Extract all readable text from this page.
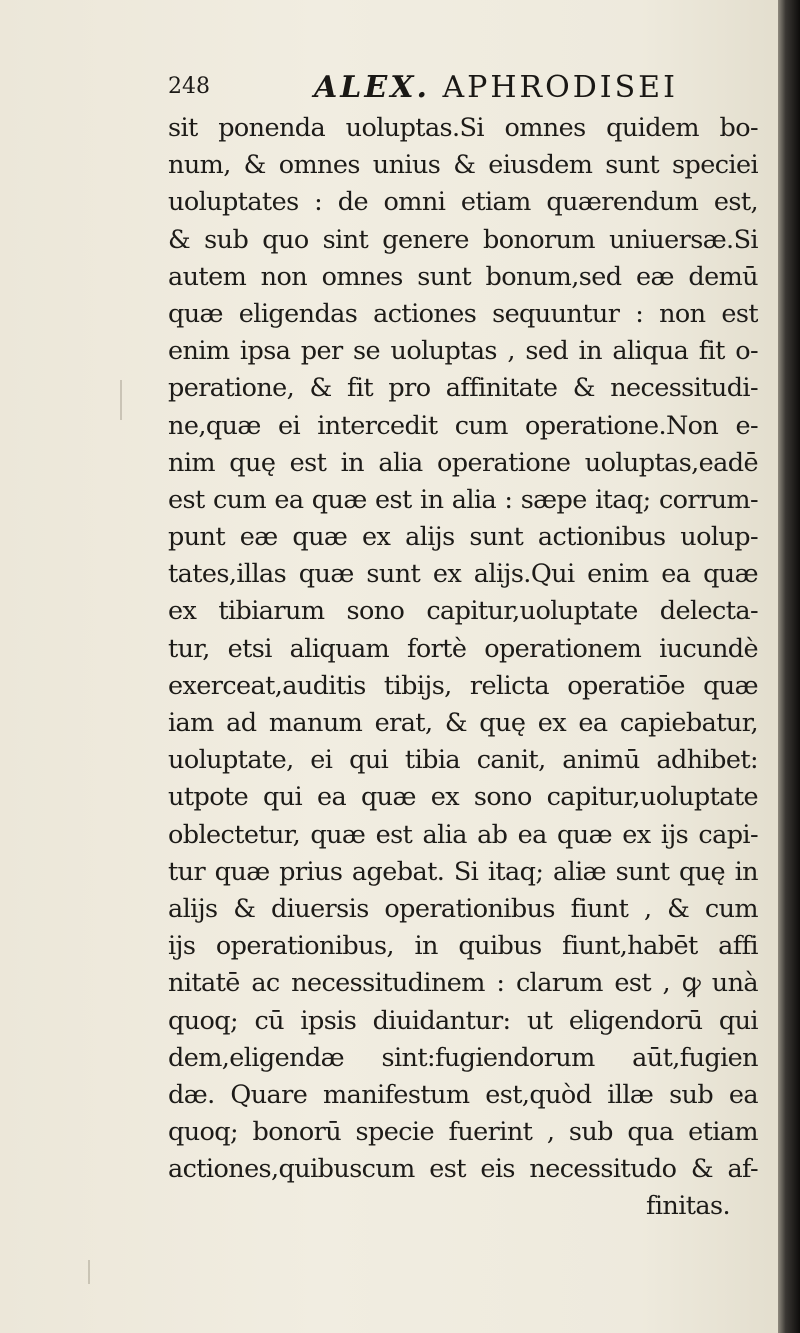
248	ALEX. APHRODISEI
sit ponenda uoluptas.Si omnes quidem bo-
num, & omnes unius & eiusdem sunt speciei
uoluptates : de omni etiam quærendum est,
& sub quo sint genere bonorum uniuersæ.Si
autem non omnes sunt bonum,sed eæ demū
quæ eligendas actiones sequuntur : non est
enim ipsa per se uoluptas , sed in aliqua fit o-
peratione, & fit pro affinitate & necessitudi-
ne,quæ ei intercedit cum operatione.Non e-
nim quę est in alia operatione uoluptas,eadē
est cum ea quæ est in alia : sæpe itaq; corrum-
punt eæ quæ ex aliјs sunt actionibus uolup-
tates,illas quæ sunt ex aliјs.Qui enim ea quæ
ex tibiarum sono capitur,uoluptate delecta-
tur, etsi aliquam fortè operationem iucundè
exerceat,auditis tibijs, relicta operatiōe quæ
iam ad manum erat, & quę ex ea capiebatur,
uoluptate, ei qui tibia canit, animū adhibet:
utpote qui ea quæ ex sono capitur,uoluptate
oblectetur, quæ est alia ab ea quæ ex ijs capi-
tur quæ prius agebat. Si itaq; aliæ sunt quę in
aliјs & diuersis operationibus fiunt , & cum
ijs operationibus, in quibus fiunt,habēt affi
nitatē ac necessitudinem : clarum est , ꝙ unà
quoq; cū ipsis diuidantur: ut eligendorū qui
dem,eligendæ sint:fugiendorum aūt,fugien
dæ. Quare manifestum est,quòd illæ sub ea
quoq; bonorū specie fuerint , sub qua etiam
actiones,quibuscum est eis necessitudo & af-
finitas.
